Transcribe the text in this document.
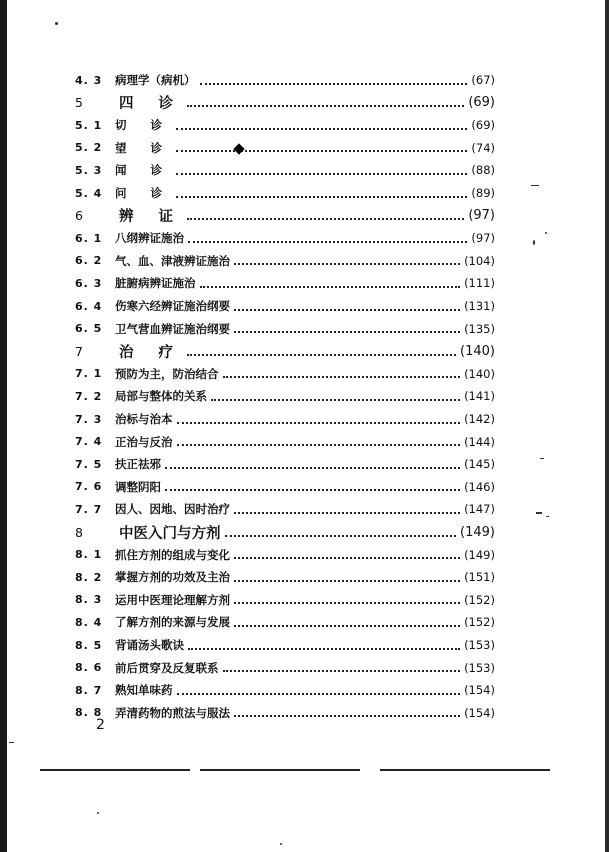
4. 3	病理学（病机）	(67)
5	四 诊	(69)
5. 1	切 诊	(69)
5. 2	望 诊	(74)
5. 3	闻 诊	(88)
5. 4	问 诊	(89)
6	辨 证	(97)
6. 1	八纲辨证施治	(97)
6. 2	气、血、津液辨证施治	(104)
6. 3	脏腑病辨证施治	(111)
6. 4	伤寒六经辨证施治纲要	(131)
6. 5	卫气营血辨证施治纲要	(135)
7	治 疗	(140)
7. 1	预防为主，防治结合	(140)
7. 2	局部与整体的关系	(141)
7. 3	治标与治本	(142)
7. 4	正治与反治	(144)
7. 5	扶正祛邪	(145)
7. 6	调整阴阳	(146)
7. 7	因人、因地、因时治疗	(147)
8	中医入门与方剂	(149)
8. 1	抓住方剂的组成与变化	(149)
8. 2	掌握方剂的功效及主治	(151)
8. 3	运用中医理论理解方剂	(152)
8. 4	了解方剂的来源与发展	(152)
8. 5	背诵汤头歌诀	(153)
8. 6	前后贯穿及反复联系	(153)
8. 7	熟知单味药	(154)
8. 8	弄清药物的煎法与服法	(154)
2
